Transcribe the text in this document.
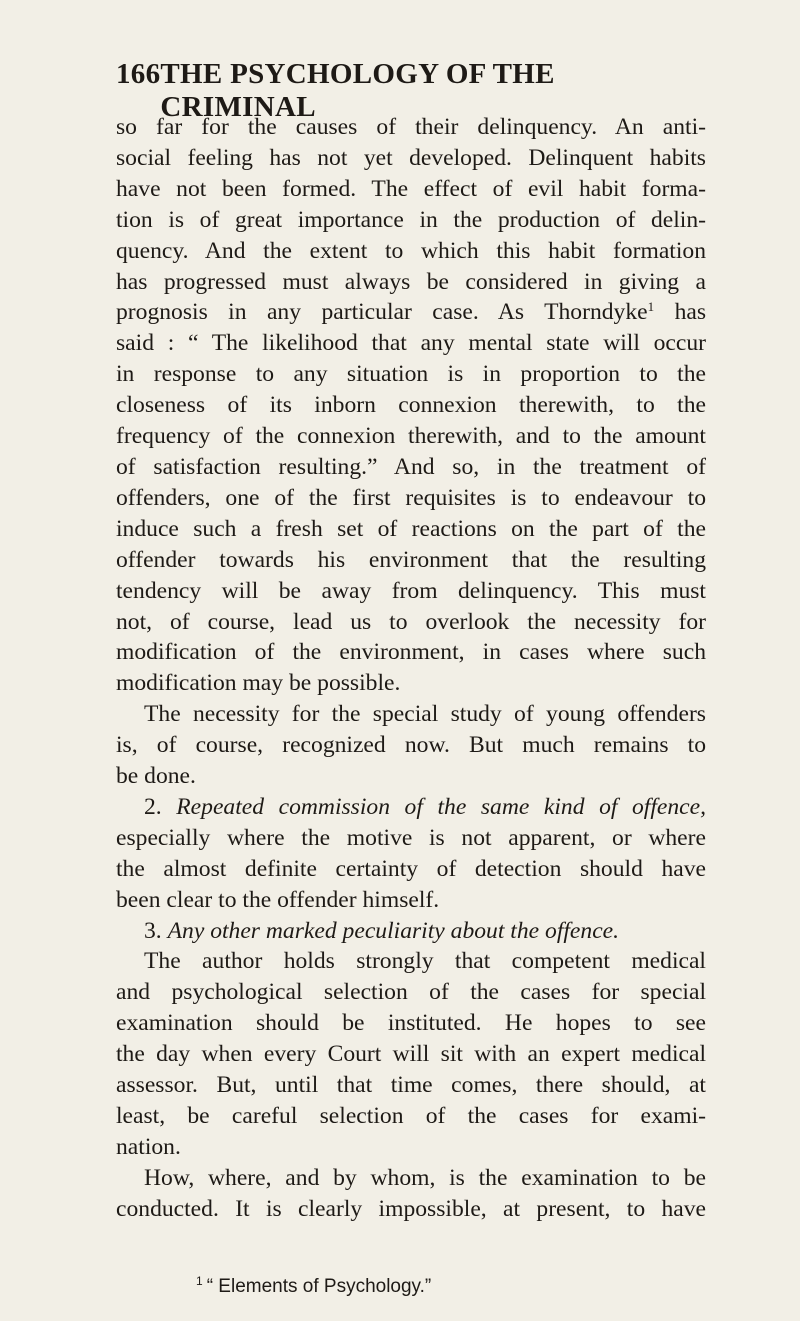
166 THE PSYCHOLOGY OF THE CRIMINAL
so far for the causes of their delinquency. An anti-
social feeling has not yet developed. Delinquent habits
have not been formed. The effect of evil habit forma-
tion is of great importance in the production of delin-
quency. And the extent to which this habit formation
has progressed must always be considered in giving a
prognosis in any particular case. As Thorndyke$^1$ has
said : “ The likelihood that any mental state will occur
in response to any situation is in proportion to the
closeness of its inborn connexion therewith, to the
frequency of the connexion therewith, and to the amount
of satisfaction resulting.” And so, in the treatment of
offenders, one of the first requisites is to endeavour to
induce such a fresh set of reactions on the part of the
offender towards his environment that the resulting
tendency will be away from delinquency. This must
not, of course, lead us to overlook the necessity for
modification of the environment, in cases where such
modification may be possible.
The necessity for the special study of young offenders
is, of course, recognized now. But much remains to
be done.
2. Repeated commission of the same kind of offence,
especially where the motive is not apparent, or where
the almost definite certainty of detection should have
been clear to the offender himself.
3. Any other marked peculiarity about the offence.
The author holds strongly that competent medical
and psychological selection of the cases for special
examination should be instituted. He hopes to see
the day when every Court will sit with an expert medical
assessor. But, until that time comes, there should, at
least, be careful selection of the cases for exami-
nation.
How, where, and by whom, is the examination to be
conducted. It is clearly impossible, at present, to have
$^1$ “ Elements of Psychology.”
